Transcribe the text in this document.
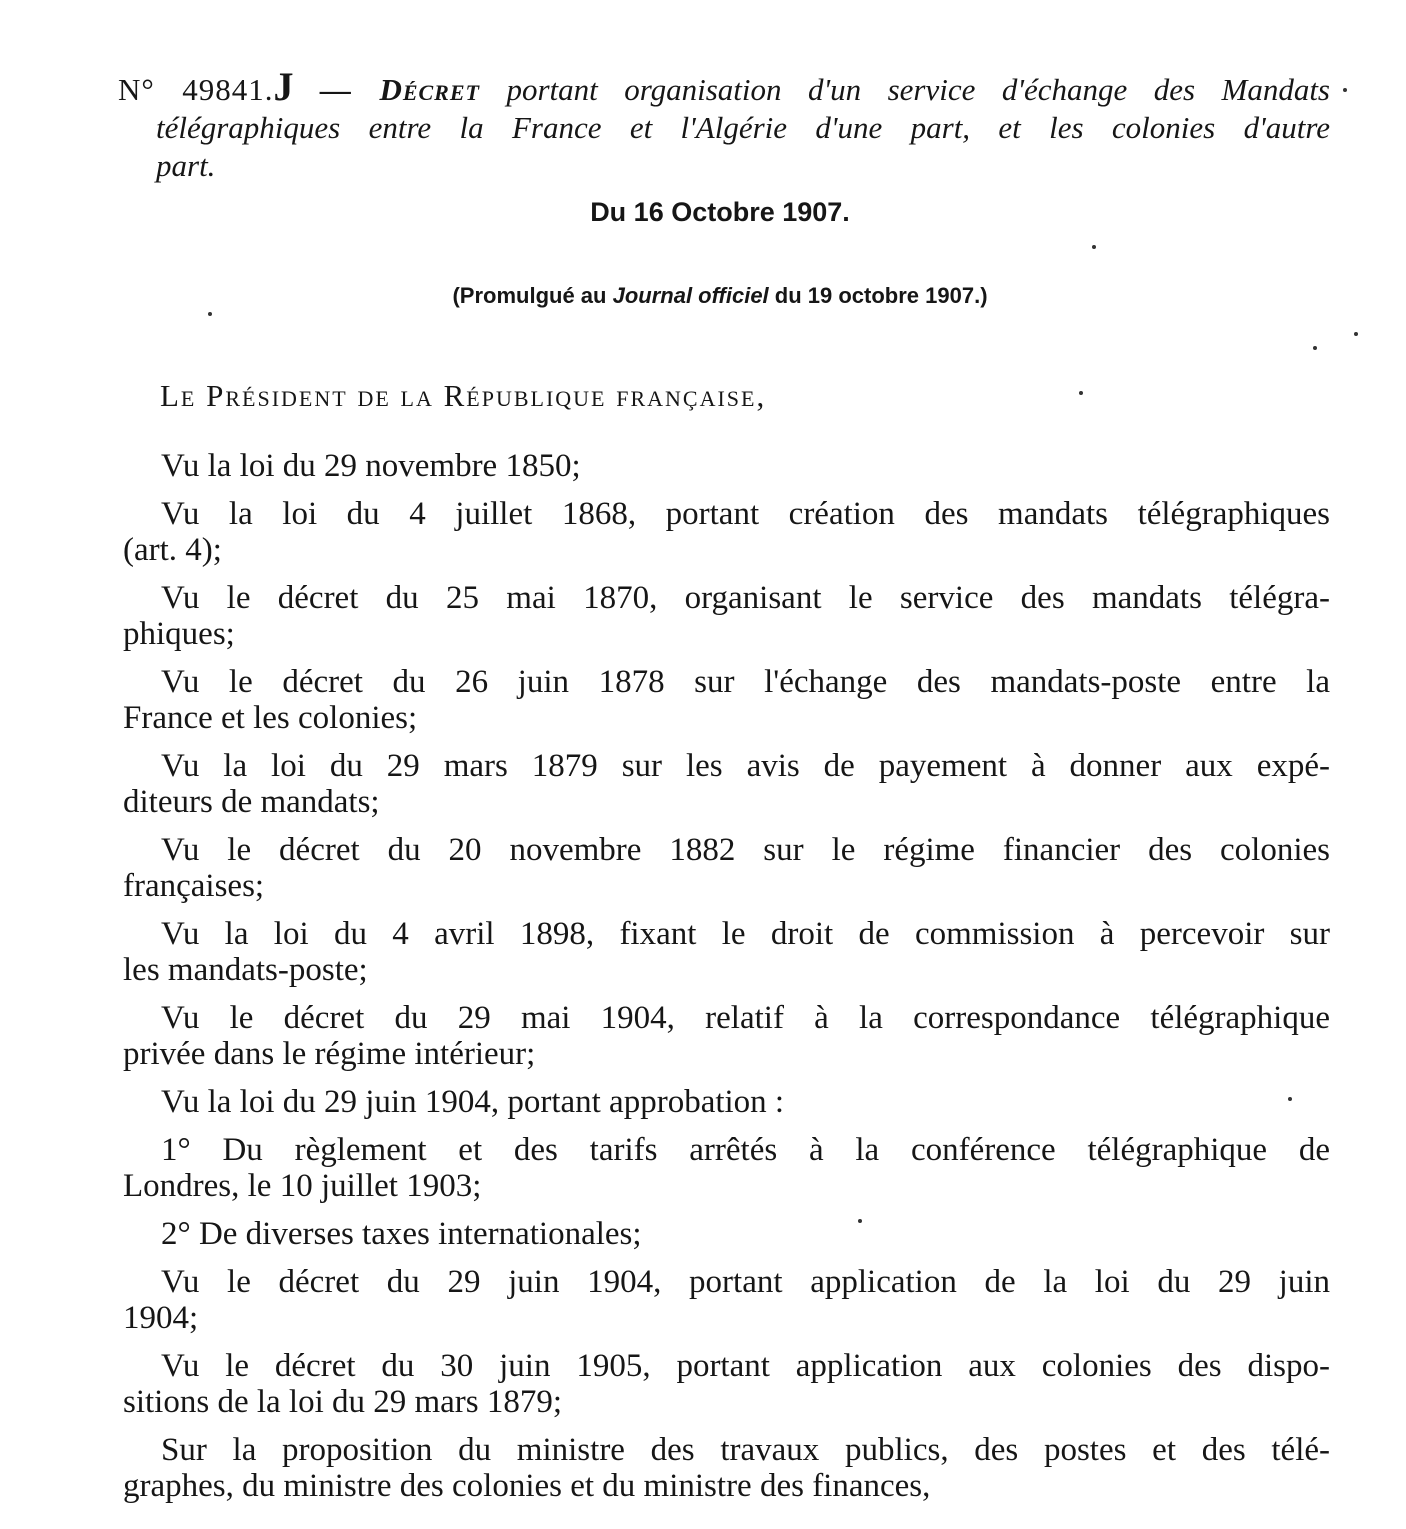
N° 49841.J — Décret portant organisation d'un service d'échange des Mandats
télégraphiques entre la France et l'Algérie d'une part, et les colonies d'autre
part.
Du 16 Octobre 1907.
(Promulgué au Journal officiel du 19 octobre 1907.)
Le Président de la République française,
Vu la loi du 29 novembre 1850;
Vu la loi du 4 juillet 1868, portant création des mandats télégraphiques
(art. 4);
Vu le décret du 25 mai 1870, organisant le service des mandats télégra-
phiques;
Vu le décret du 26 juin 1878 sur l'échange des mandats-poste entre la
France et les colonies;
Vu la loi du 29 mars 1879 sur les avis de payement à donner aux expé-
diteurs de mandats;
Vu le décret du 20 novembre 1882 sur le régime financier des colonies
françaises;
Vu la loi du 4 avril 1898, fixant le droit de commission à percevoir sur
les mandats-poste;
Vu le décret du 29 mai 1904, relatif à la correspondance télégraphique
privée dans le régime intérieur;
Vu la loi du 29 juin 1904, portant approbation :
1° Du règlement et des tarifs arrêtés à la conférence télégraphique de
Londres, le 10 juillet 1903;
2° De diverses taxes internationales;
Vu le décret du 29 juin 1904, portant application de la loi du 29 juin
1904;
Vu le décret du 30 juin 1905, portant application aux colonies des dispo-
sitions de la loi du 29 mars 1879;
Sur la proposition du ministre des travaux publics, des postes et des télé-
graphes, du ministre des colonies et du ministre des finances,
